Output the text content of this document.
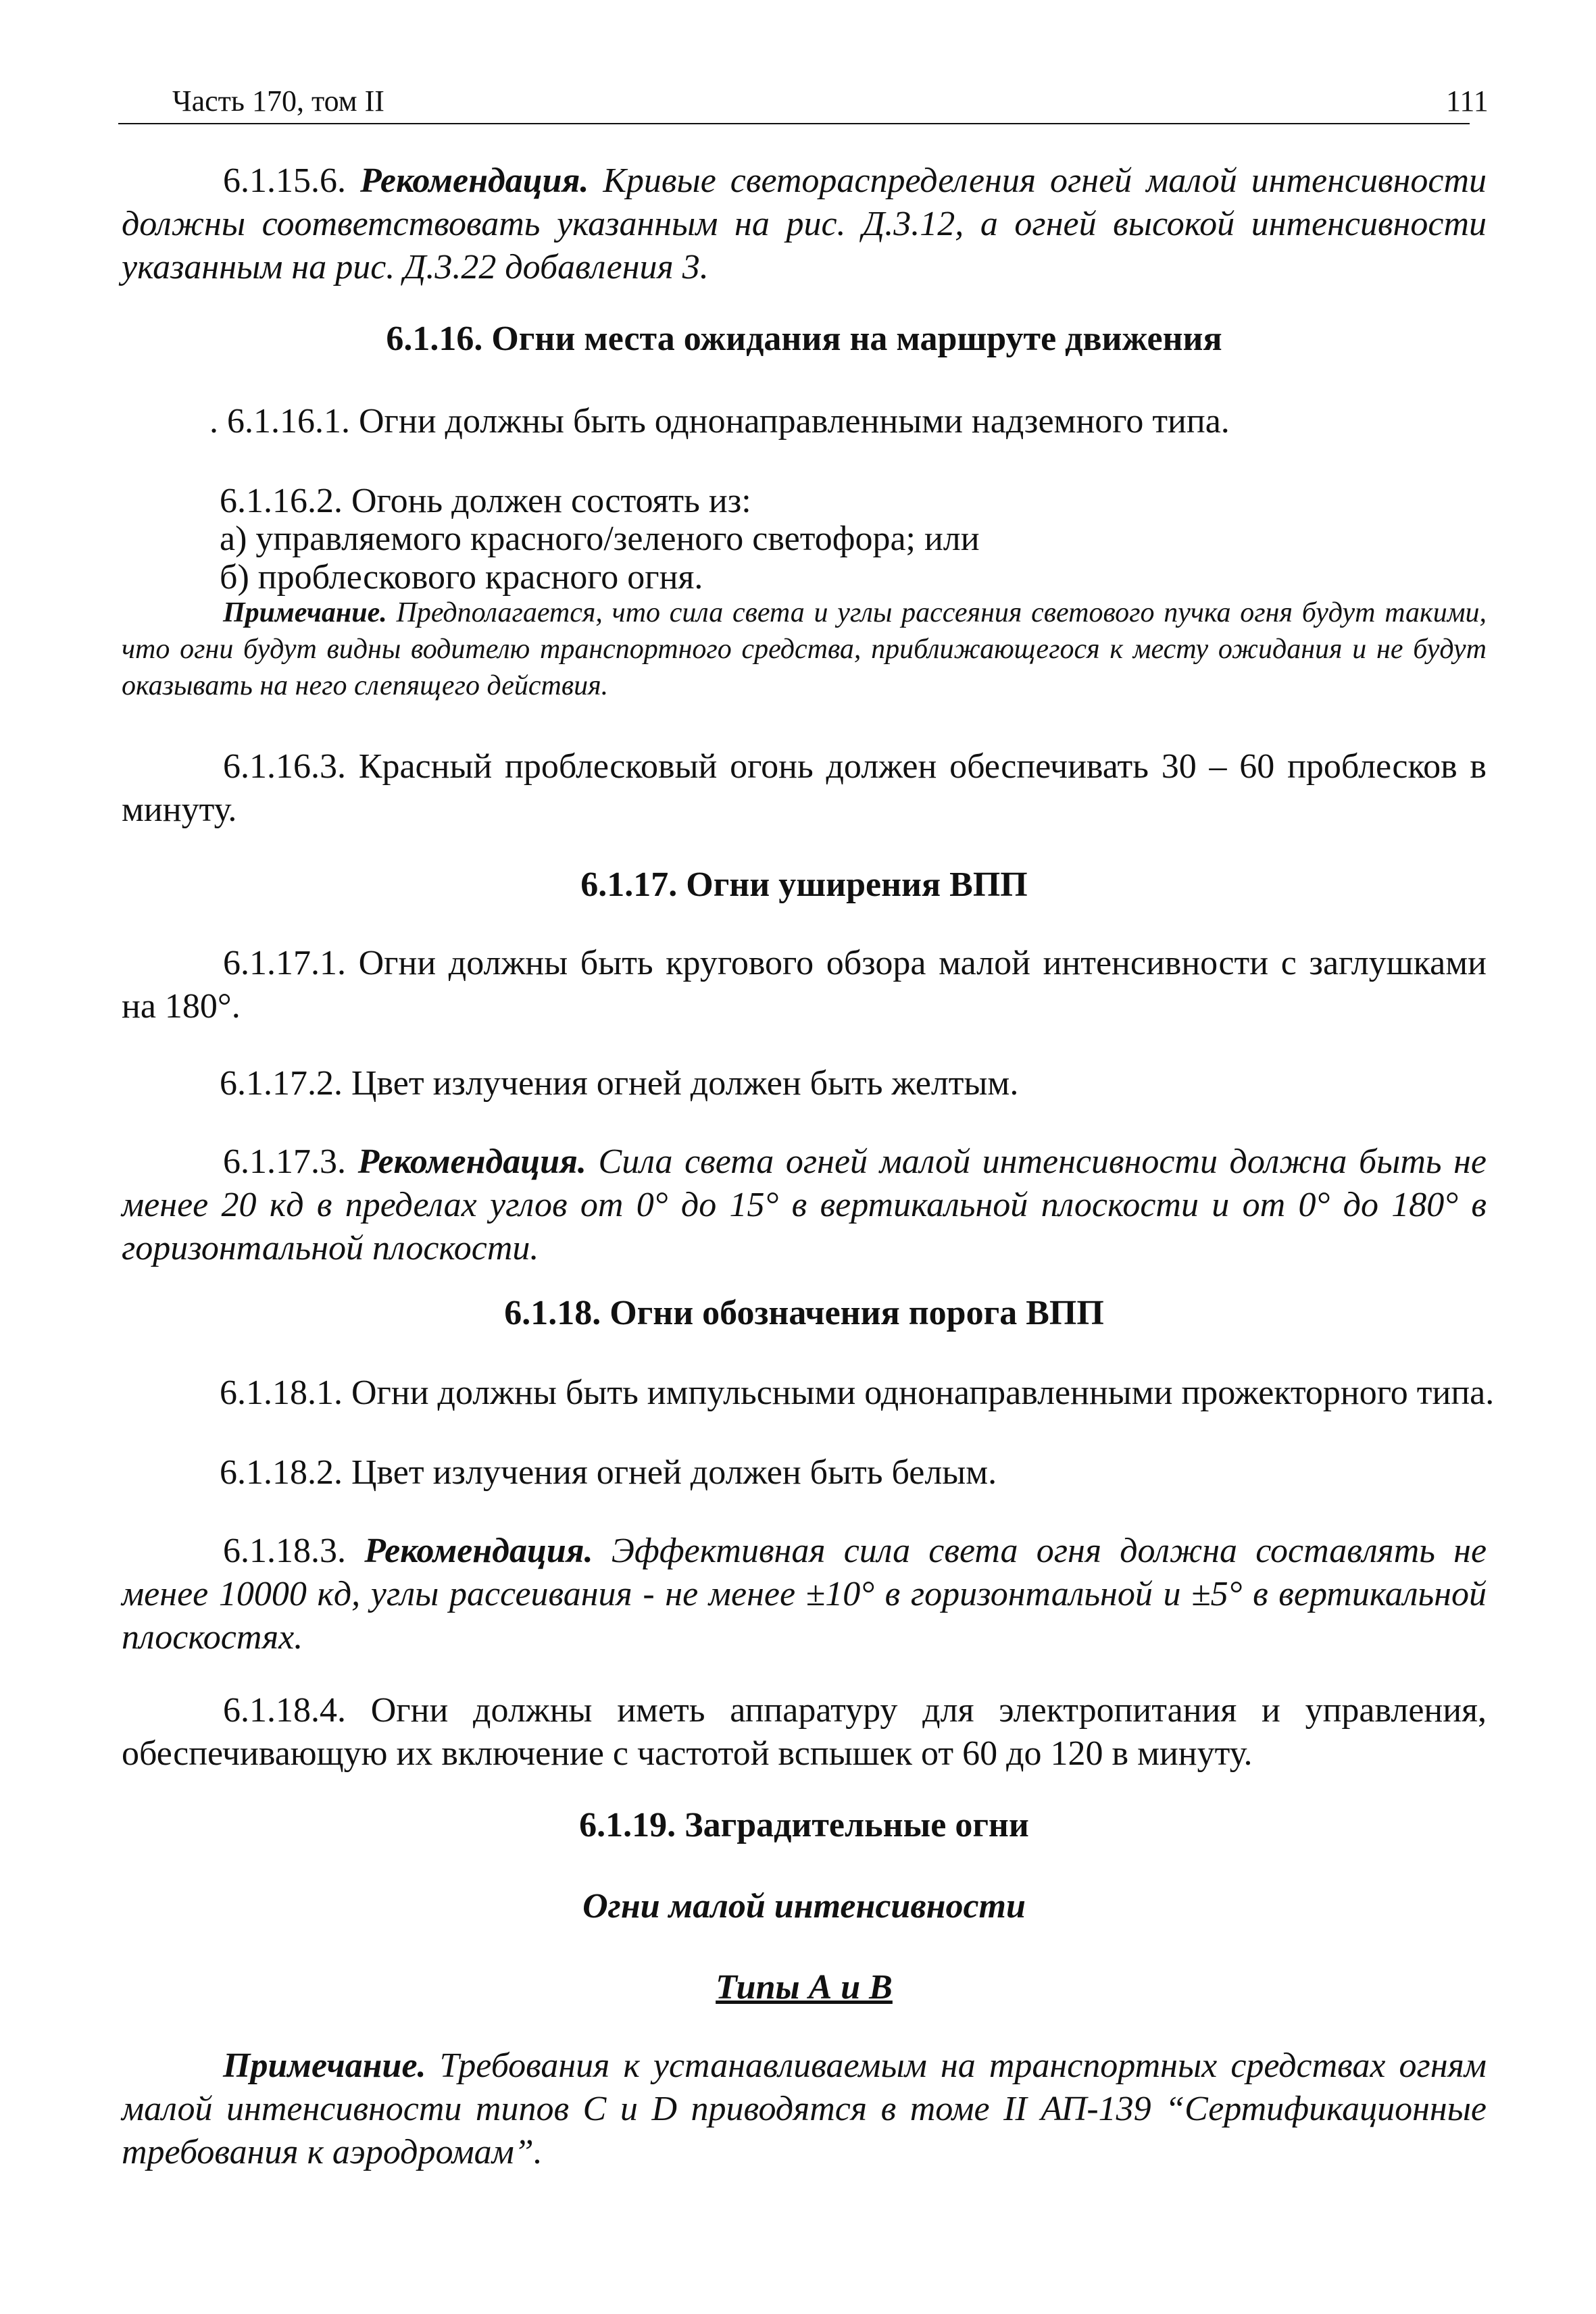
Часть 170, том II	111

6.1.15.6. Рекомендация. Кривые светораспределения огней малой интенсивности должны соответствовать указанным на рис. Д.3.12, а огней высокой интенсивности указанным на рис. Д.3.22 добавления 3.

6.1.16. Огни места ожидания на маршруте движения
. 6.1.16.1. Огни должны быть однонаправленными надземного типа.
6.1.16.2. Огонь должен состоять из:
а) управляемого красного/зеленого светофора; или
б) проблескового красного огня.

Примечание. Предполагается, что сила света и углы рассеяния светового пучка огня будут такими, что огни будут видны водителю транспортного средства, приближающегося к месту ожидания и не будут оказывать на него слепящего действия.

6.1.16.3. Красный проблесковый огонь должен обеспечивать 30 – 60 проблесков в минуту.

6.1.17. Огни уширения ВПП

6.1.17.1. Огни должны быть кругового обзора малой интенсивности с заглушками на 180°.

6.1.17.2. Цвет излучения огней должен быть желтым.

6.1.17.3. Рекомендация. Сила света огней малой интенсивности должна быть не менее 20 кд в пределах углов от 0° до 15° в вертикальной плоскости и от 0° до 180° в горизонтальной плоскости.

6.1.18. Огни обозначения порога ВПП
6.1.18.1. Огни должны быть импульсными однонаправленными прожекторного типа.
6.1.18.2. Цвет излучения огней должен быть белым.

6.1.18.3. Рекомендация. Эффективная сила света огня должна составлять не менее 10000 кд, углы рассеивания - не менее ±10° в горизонтальной и ±5° в вертикальной плоскостях.

6.1.18.4. Огни должны иметь аппаратуру для электропитания и управления, обеспечивающую их включение с частотой вспышек от 60 до 120 в минуту.

6.1.19. Заградительные огни
Огни малой интенсивности
Типы А и В

Примечание. Требования к устанавливаемым на транспортных средствах огням малой интенсивности типов С и D приводятся в томе II АП-139 “Сертификационные требования к аэродромам”.
